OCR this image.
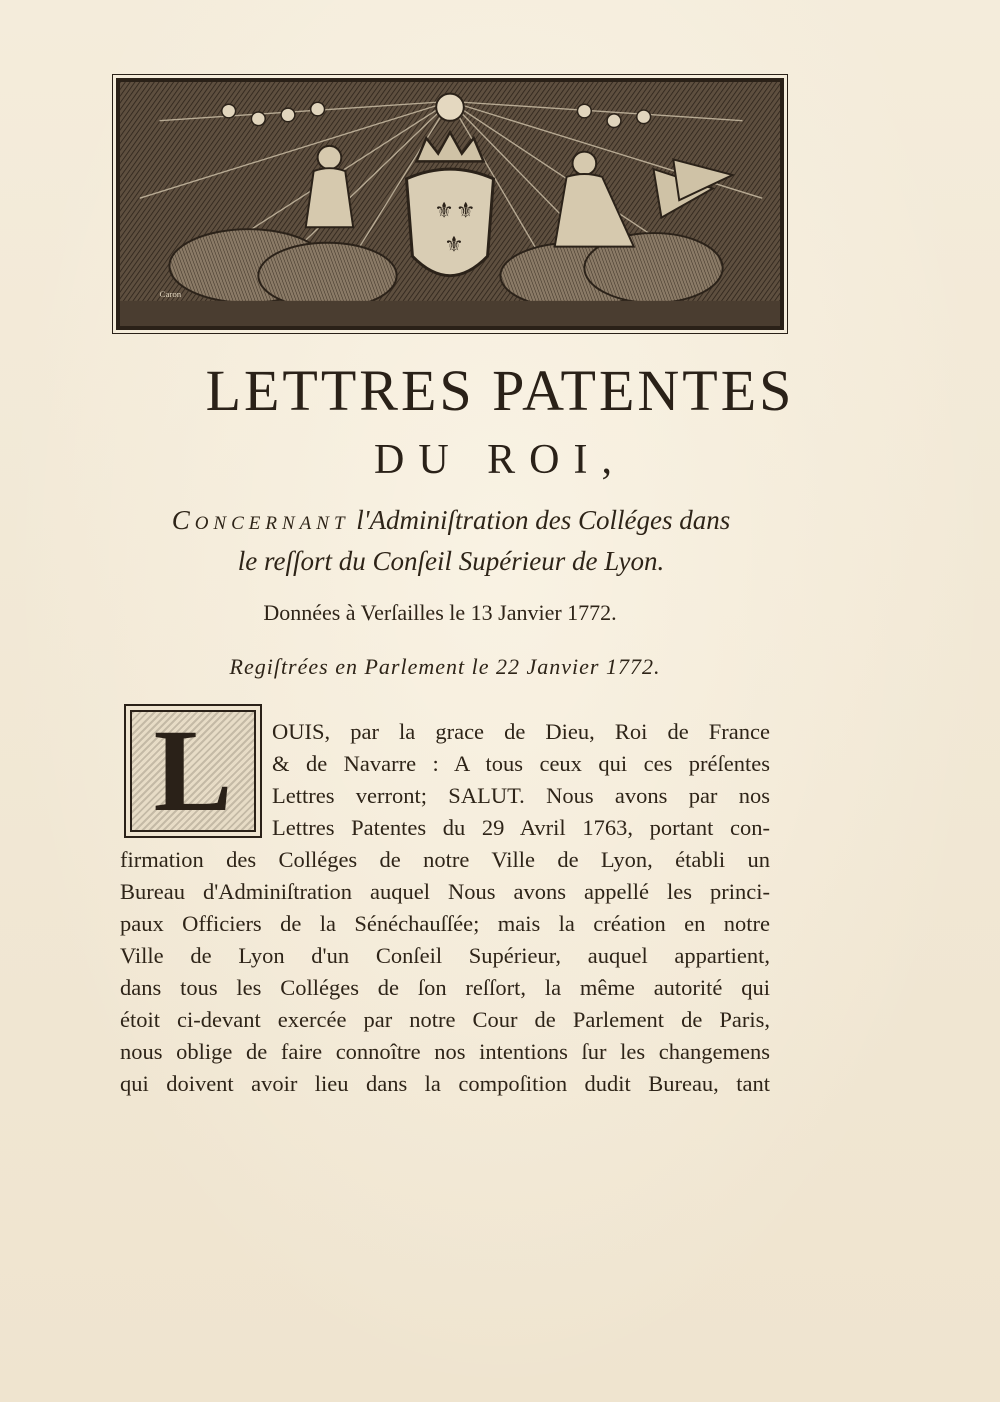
⚜ ⚜
⚜
Caron
LETTRES PATENTES
DU ROI,
Concernant l'Adminiſtration des Colléges dans
le reſſort du Conſeil Supérieur de Lyon.
Données à Verſailles le 13 Janvier 1772.
Regiſtrées en Parlement le 22 Janvier 1772.
L	OUIS, par la grace de Dieu, Roi de France
& de Navarre : A tous ceux qui ces préſentes
Lettres verront; SALUT. Nous avons par nos
Lettres Patentes du 29 Avril 1763, portant con-
firmation des Colléges de notre Ville de Lyon, établi un
Bureau d'Adminiſtration auquel Nous avons appellé les princi-
paux Officiers de la Sénéchauſſée; mais la création en notre
Ville de Lyon d'un Conſeil Supérieur, auquel appartient,
dans tous les Colléges de ſon reſſort, la même autorité qui
étoit ci-devant exercée par notre Cour de Parlement de Paris,
nous oblige de faire connoître nos intentions ſur les changemens
qui doivent avoir lieu dans la compoſition dudit Bureau, tant
